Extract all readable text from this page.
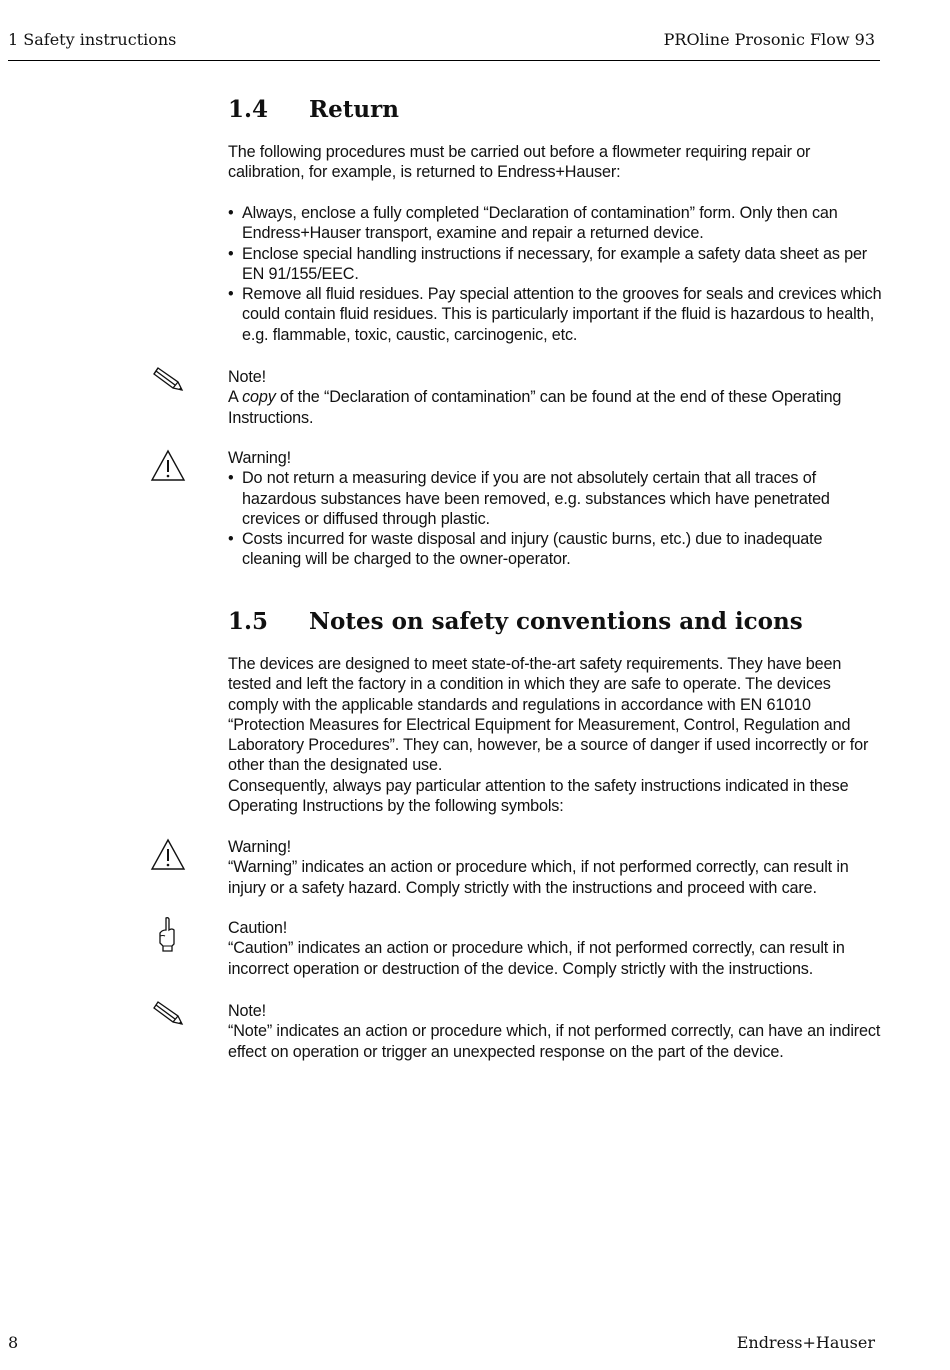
1 Safety instructions	PROline Prosonic Flow 93
1.4 Return
The following procedures must be carried out before a flowmeter requiring repair or calibration, for example, is returned to Endress+Hauser:
• Always, enclose a fully completed “Declaration of contamination” form. Only then can Endress+Hauser transport, examine and repair a returned device.
• Enclose special handling instructions if necessary, for example a safety data sheet as per EN 91/155/EEC.
• Remove all fluid residues. Pay special attention to the grooves for seals and crevices which could contain fluid residues. This is particularly important if the fluid is hazardous to health, e.g. flammable, toxic, caustic, carcinogenic, etc.

Note!

A copy of the “Declaration of contamination” can be found at the end of these Operating Instructions.

Warning!

• Do not return a measuring device if you are not absolutely certain that all traces of hazardous substances have been removed, e.g. substances which have penetrated crevices or diffused through plastic.
• Costs incurred for waste disposal and injury (caustic burns, etc.) due to inadequate cleaning will be charged to the owner-operator.
1.5 Notes on safety conventions and icons

The devices are designed to meet state-of-the-art safety requirements. They have been tested and left the factory in a condition in which they are safe to operate. The devices comply with the applicable standards and regulations in accordance with EN 61010 “Protection Measures for Electrical Equipment for Measurement, Control, Regulation and Laboratory Procedures”. They can, however, be a source of danger if used incorrectly or for other than the designated use.

Consequently, always pay particular attention to the safety instructions indicated in these Operating Instructions by the following symbols:

Warning!

“Warning” indicates an action or procedure which, if not performed correctly, can result in injury or a safety hazard. Comply strictly with the instructions and proceed with care.

Caution!

“Caution” indicates an action or procedure which, if not performed correctly, can result in incorrect operation or destruction of the device. Comply strictly with the instructions.

Note!

“Note” indicates an action or procedure which, if not performed correctly, can have an indirect effect on operation or trigger an unexpected response on the part of the device.

8	Endress+Hauser
